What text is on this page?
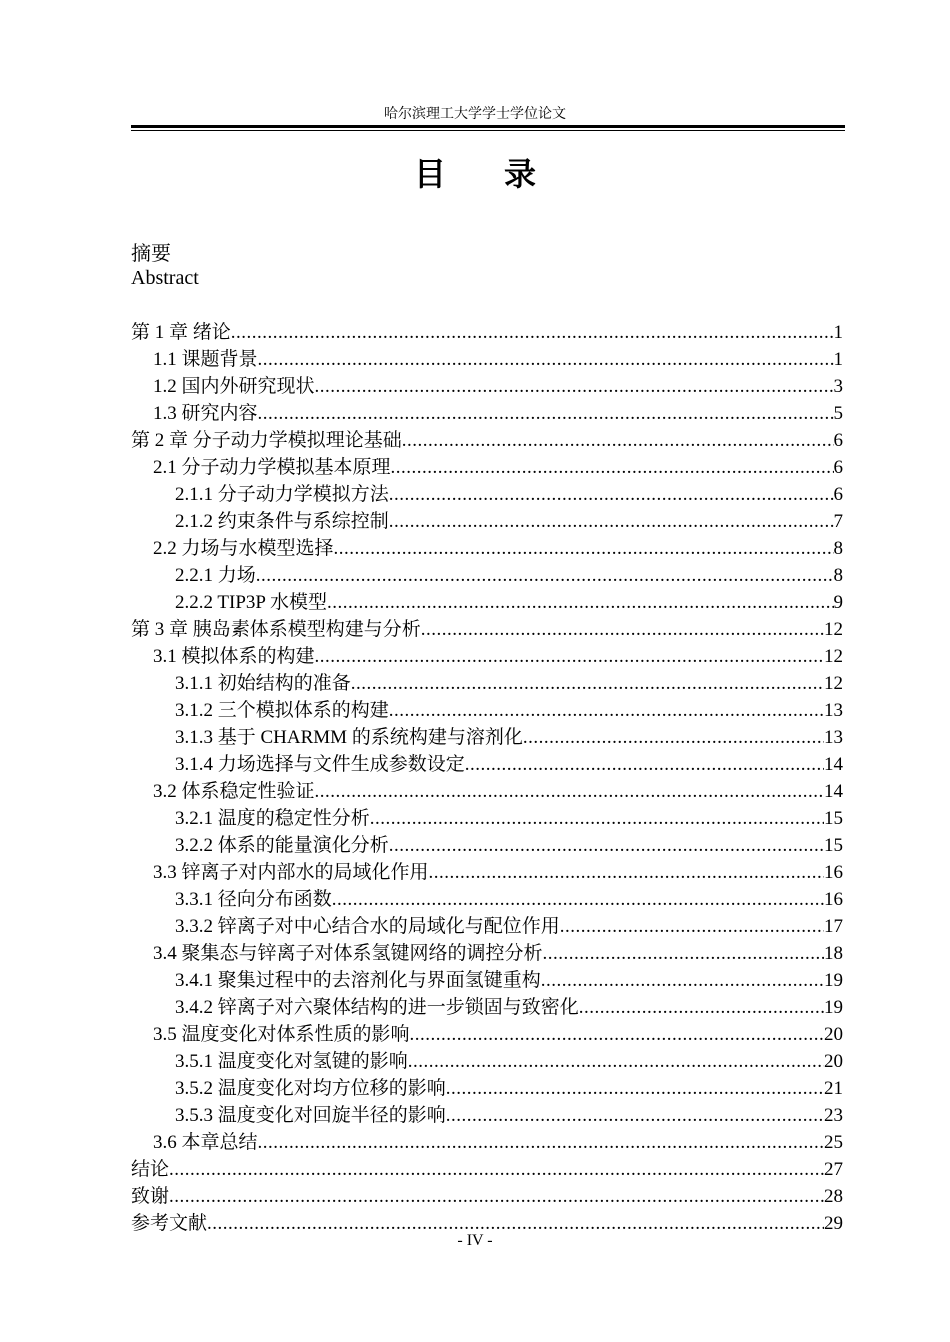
哈尔滨理工大学学士学位论文
目录
摘要
Abstract
第 1 章 绪论 .....	1
1.1 课题背景 .....	1
1.2 国内外研究现状 .....	3
1.3 研究内容 .....	5
第 2 章 分子动力学模拟理论基础 .....	6
2.1 分子动力学模拟基本原理 .....	6
2.1.1 分子动力学模拟方法 .....	6
2.1.2 约束条件与系综控制 .....	7
2.2 力场与水模型选择 .....	8
2.2.1 力场 .....	8
2.2.2 TIP3P 水模型 .....	9
第 3 章 胰岛素体系模型构建与分析 .....	12
3.1 模拟体系的构建 .....	12
3.1.1 初始结构的准备 .....	12
3.1.2 三个模拟体系的构建 .....	13
3.1.3 基于 CHARMM 的系统构建与溶剂化 .....	13
3.1.4 力场选择与文件生成参数设定 .....	14
3.2 体系稳定性验证 .....	14
3.2.1 温度的稳定性分析 .....	15
3.2.2 体系的能量演化分析 .....	15
3.3 锌离子对内部水的局域化作用 .....	16
3.3.1 径向分布函数 .....	16
3.3.2 锌离子对中心结合水的局域化与配位作用 .....	17
3.4 聚集态与锌离子对体系氢键网络的调控分析 .....	18
3.4.1 聚集过程中的去溶剂化与界面氢键重构 .....	19
3.4.2 锌离子对六聚体结构的进一步锁固与致密化 .....	19
3.5 温度变化对体系性质的影响 .....	20
3.5.1 温度变化对氢键的影响 .....	20
3.5.2 温度变化对均方位移的影响 .....	21
3.5.3 温度变化对回旋半径的影响 .....	23
3.6 本章总结 .....	25
结论 .....	27
致谢 .....	28
参考文献 .....	29
- IV -
